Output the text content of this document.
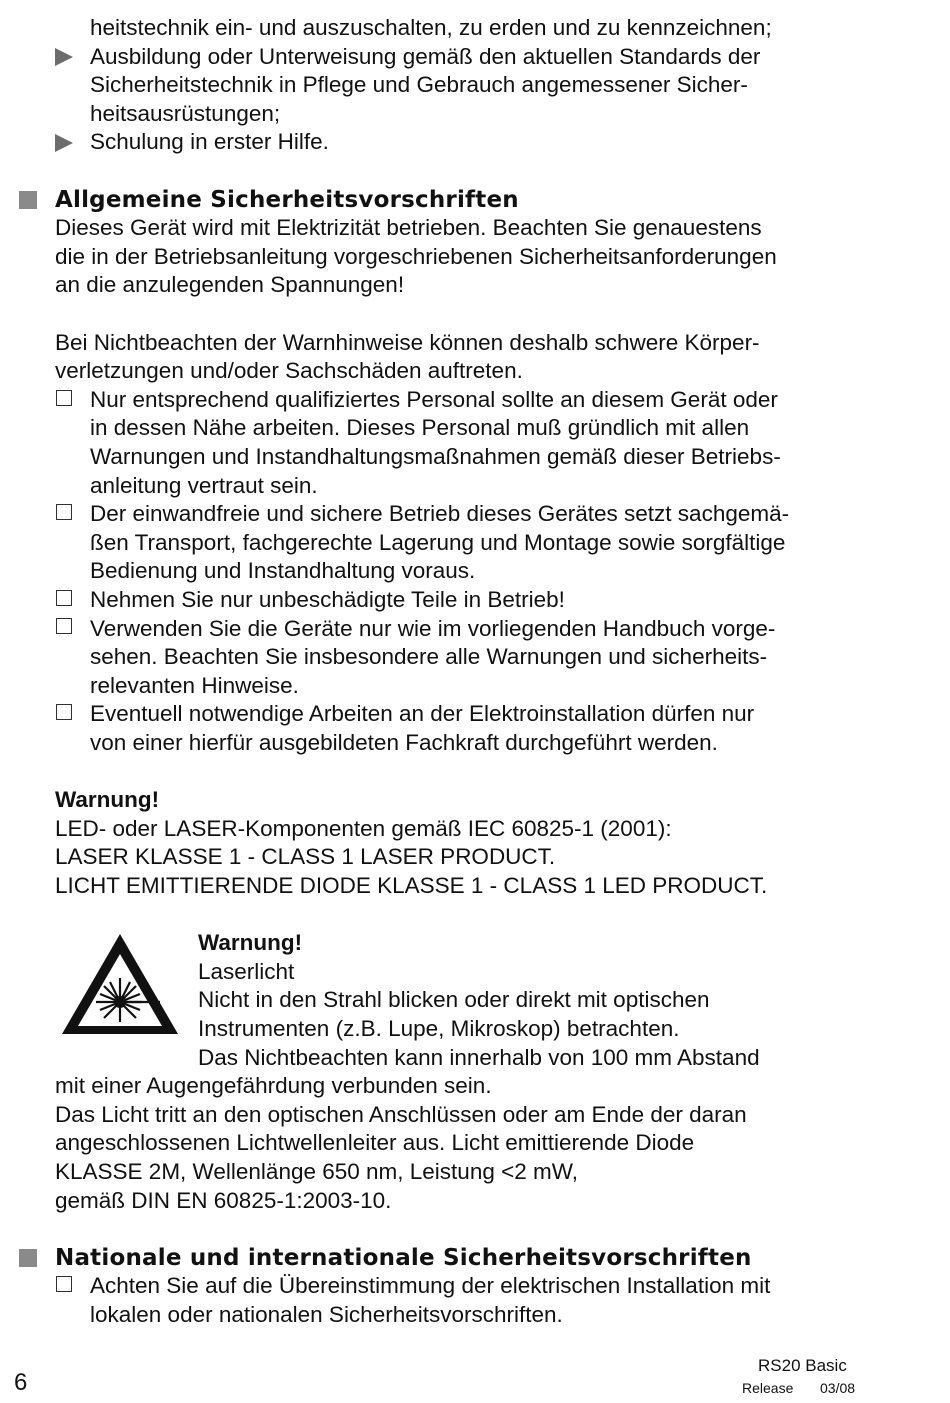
heitstechnik ein- und auszuschalten, zu erden und zu kennzeichnen;
Ausbildung oder Unterweisung gemäß den aktuellen Standards der
Sicherheitstechnik in Pflege und Gebrauch angemessener Sicher-
heitsausrüstungen;
Schulung in erster Hilfe.
Allgemeine Sicherheitsvorschriften
Dieses Gerät wird mit Elektrizität betrieben. Beachten Sie genauestens
die in der Betriebsanleitung vorgeschriebenen Sicherheitsanforderungen
an die anzulegenden Spannungen!
Bei Nichtbeachten der Warnhinweise können deshalb schwere Körper-
verletzungen und/oder Sachschäden auftreten.
Nur entsprechend qualifiziertes Personal sollte an diesem Gerät oder
in dessen Nähe arbeiten. Dieses Personal muß gründlich mit allen
Warnungen und Instandhaltungsmaßnahmen gemäß dieser Betriebs-
anleitung vertraut sein.
Der einwandfreie und sichere Betrieb dieses Gerätes setzt sachgemä-
ßen Transport, fachgerechte Lagerung und Montage sowie sorgfältige
Bedienung und Instandhaltung voraus.
Nehmen Sie nur unbeschädigte Teile in Betrieb!
Verwenden Sie die Geräte nur wie im vorliegenden Handbuch vorge-
sehen. Beachten Sie insbesondere alle Warnungen und sicherheits-
relevanten Hinweise.
Eventuell notwendige Arbeiten an der Elektroinstallation dürfen nur
von einer hierfür ausgebildeten Fachkraft durchgeführt werden.
Warnung!
LED- oder LASER-Komponenten gemäß IEC 60825-1 (2001):
LASER KLASSE 1 - CLASS 1 LASER PRODUCT.
LICHT EMITTIERENDE DIODE KLASSE 1 - CLASS 1 LED PRODUCT.
Warnung!
Laserlicht
Nicht in den Strahl blicken oder direkt mit optischen
Instrumenten (z.B. Lupe, Mikroskop) betrachten.
Das Nichtbeachten kann innerhalb von 100 mm Abstand
mit einer Augengefährdung verbunden sein.
Das Licht tritt an den optischen Anschlüssen oder am Ende der daran
angeschlossenen Lichtwellenleiter aus. Licht emittierende Diode
KLASSE 2M, Wellenlänge 650 nm, Leistung <2 mW,
gemäß DIN EN 60825-1:2003-10.
Nationale und internationale Sicherheitsvorschriften
Achten Sie auf die Übereinstimmung der elektrischen Installation mit
lokalen oder nationalen Sicherheitsvorschriften.
6
RS20 Basic
Release 03/08
